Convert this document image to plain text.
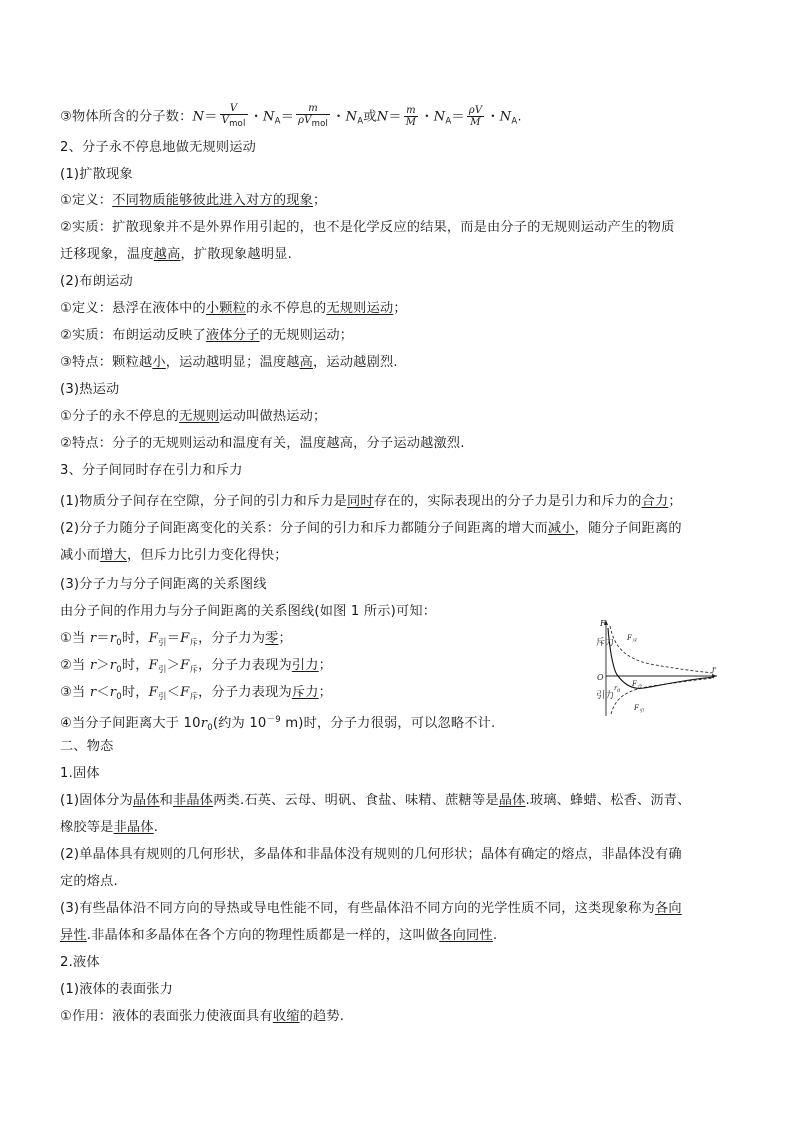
③物体所含的分子数：$N= \frac{V}{V_{mol}}$ ・$N_A= \frac{m}{\rho V_{mol}}$ ・$N_A$或$N= \frac{m}{M}$ ・$N_A= \frac{\rho V}{M}$ ・$N_A$.
2、分子永不停息地做无规则运动
(1)扩散现象
①定义：不同物质能够彼此进入对方的现象；
②实质：扩散现象并不是外界作用引起的，也不是化学反应的结果，而是由分子的无规则运动产生的物质
迁移现象，温度越高，扩散现象越明显.
(2)布朗运动
①定义：悬浮在液体中的小颗粒的永不停息的无规则运动；
②实质：布朗运动反映了液体分子的无规则运动；
③特点：颗粒越小，运动越明显；温度越高，运动越剧烈.
(3)热运动
①分子的永不停息的无规则运动叫做热运动；
②特点：分子的无规则运动和温度有关，温度越高，分子运动越激烈.
3、分子间同时存在引力和斥力
(1)物质分子间存在空隙，分子间的引力和斥力是同时存在的，实际表现出的分子力是引力和斥力的合力；
(2)分子力随分子间距离变化的关系：分子间的引力和斥力都随分子间距离的增大而减小，随分子间距离的
减小而增大，但斥力比引力变化得快；
(3)分子力与分子间距离的关系图线
由分子间的作用力与分子间距离的关系图线(如图 1 所示)可知：
①当 $r=r_0$时，$F_引=F_斥$，分子力为零；
②当 $r>r_0$时，$F_引>F_斥$，分子力表现为引力；
③当 $r<r_0$时，$F_引<F_斥$，分子力表现为斥力；
④当分子间距离大于 $10r_0$(约为 $10^{-9}$ m)时，分子力很弱，可以忽略不计.
二、物态
1.固体
(1)固体分为晶体和非晶体两类.石英、云母、明矾、食盐、味精、蔗糖等是晶体.玻璃、蜂蜡、松香、沥青、
橡胶等是非晶体.
(2)单晶体具有规则的几何形状，多晶体和非晶体没有规则的几何形状；晶体有确定的熔点，非晶体没有确
定的熔点.
(3)有些晶体沿不同方向的导热或导电性能不同，有些晶体沿不同方向的光学性质不同，这类现象称为各向
异性.非晶体和多晶体在各个方向的物理性质都是一样的，这叫做各向同性.
2.液体
(1)液体的表面张力
①作用：液体的表面张力使液面具有收缩的趋势.
F
r
O
斥力
引力
$r_0$
$F_斥$
$F_合$
$F_引$
